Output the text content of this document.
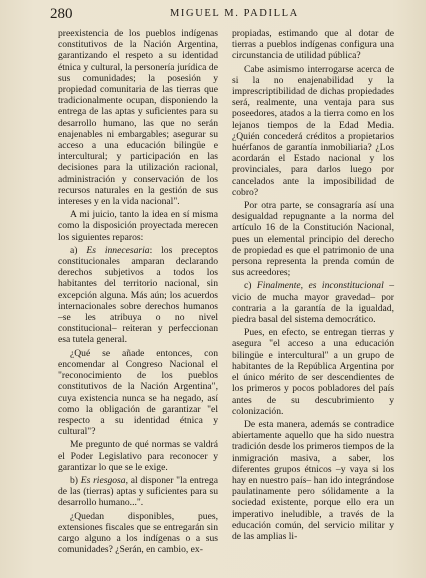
280	MIGUEL M. PADILLA

preexistencia de los pueblos indígenas constitutivos de la Nación Argentina, garantizando el respeto a su identidad étnica y cultural, la personería jurídica de sus comunidades; la posesión y propiedad comunitaria de las tierras que tradicionalmente ocupan, disponiendo la entrega de las aptas y suficientes para su desarrollo humano, las que no serán enajenables ni embargables; asegurar su acceso a una educación bilingüe e intercultural; y participación en las decisiones para la utilización racional, administración y conservación de los recursos naturales en la gestión de sus intereses y en la vida nacional".

A mi juicio, tanto la idea en sí misma como la disposición proyectada merecen los siguientes reparos:

a) Es innecesaria: los preceptos constitucionales amparan declarando derechos subjetivos a todos los habitantes del territorio nacional, sin excepción alguna. Más aún; los acuerdos internacionales sobre derechos humanos –se les atribuya o no nivel constitucional– reiteran y perfeccionan esa tutela general.

¿Qué se añade entonces, con encomendar al Congreso Nacional el "reconocimiento de los pueblos constitutivos de la Nación Argentina", cuya existencia nunca se ha negado, así como la obligación de garantizar "el respecto a su identidad étnica y cultural"?

Me pregunto de qué normas se valdrá el Poder Legislativo para reconocer y garantizar lo que se le exige.

b) Es riesgosa, al disponer "la entrega de las (tierras) aptas y suficientes para su desarrollo humano...".

¿Quedan disponibles, pues, extensiones fiscales que se entregarán sin cargo alguno a los indígenas o a sus comunidades? ¿Serán, en cambio, ex-

propiadas, estimando que al dotar de tierras a pueblos indígenas configura una circunstancia de utilidad pública?

Cabe asimismo interrogarse acerca de si la no enajenabilidad y la imprescriptibilidad de dichas propiedades será, realmente, una ventaja para sus poseedores, atados a la tierra como en los lejanos tiempos de la Edad Media. ¿Quién concederá créditos a propietarios huérfanos de garantía inmobiliaria? ¿Los acordarán el Estado nacional y los provinciales, para darlos luego por cancelados ante la imposibilidad de cobro?

Por otra parte, se consagraría así una desigualdad repugnante a la norma del artículo 16 de la Constitución Nacional, pues un elemental principio del derecho de propiedad es que el patrimonio de una persona representa la prenda común de sus acreedores;

c) Finalmente, es inconstitucional –vicio de mucha mayor gravedad– por contraria a la garantía de la igualdad, piedra basal del sistema democrático.

Pues, en efecto, se entregan tierras y asegura "el acceso a una educación bilingüe e intercultural" a un grupo de habitantes de la República Argentina por el único mérito de ser descendientes de los primeros y pocos pobladores del país antes de su descubrimiento y colonización.

De esta manera, además se contradice abiertamente aquello que ha sido nuestra tradición desde los primeros tiempos de la inmigración masiva, a saber, los diferentes grupos étnicos –y vaya si los hay en nuestro país– han ido integrándose paulatinamente pero sólidamente a la sociedad existente, porque ello era un imperativo ineludible, a través de la educación común, del servicio militar y de las amplias li-
